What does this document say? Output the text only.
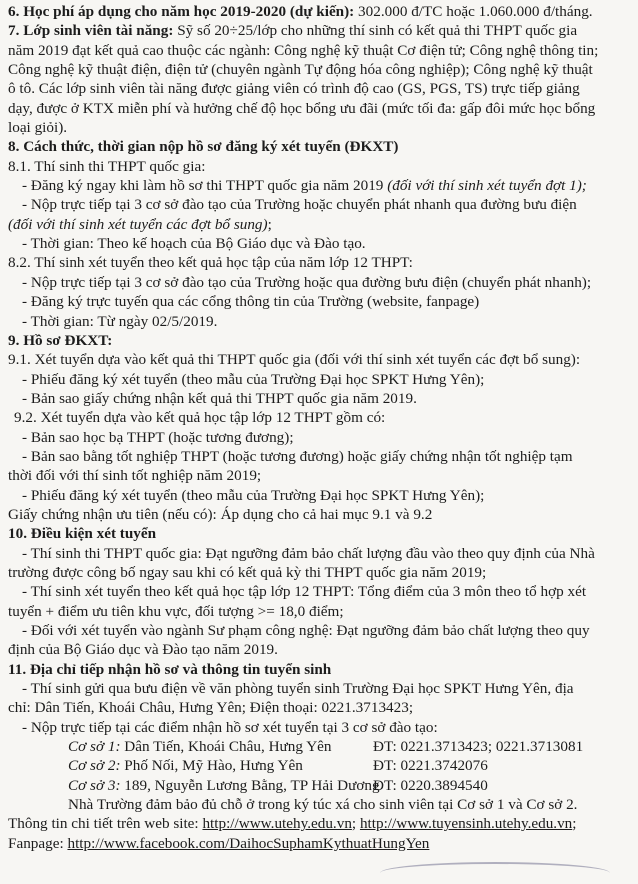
6. Học phí áp dụng cho năm học 2019-2020 (dự kiến): 302.000 đ/TC hoặc 1.060.000 đ/tháng.
7. Lớp sinh viên tài năng: Sỹ số 20÷25/lớp cho những thí sinh có kết quả thi THPT quốc gia
năm 2019 đạt kết quả cao thuộc các ngành: Công nghệ kỹ thuật Cơ điện tử; Công nghệ thông tin;
Công nghệ kỹ thuật điện, điện tử (chuyên ngành Tự động hóa công nghiệp); Công nghệ kỹ thuật
ô tô. Các lớp sinh viên tài năng được giảng viên có trình độ cao (GS, PGS, TS) trực tiếp giảng
dạy, được ở KTX miễn phí và hưởng chế độ học bổng ưu đãi (mức tối đa: gấp đôi mức học bổng
loại giỏi).
8. Cách thức, thời gian nộp hồ sơ đăng ký xét tuyển (ĐKXT)
8.1. Thí sinh thi THPT quốc gia:
- Đăng ký ngay khi làm hồ sơ thi THPT quốc gia năm 2019 (đối với thí sinh xét tuyển đợt 1);
- Nộp trực tiếp tại 3 cơ sở đào tạo của Trường hoặc chuyển phát nhanh qua đường bưu điện
(đối với thí sinh xét tuyển các đợt bổ sung);
- Thời gian: Theo kế hoạch của Bộ Giáo dục và Đào tạo.
8.2. Thí sinh xét tuyển theo kết quả học tập của năm lớp 12 THPT:
- Nộp trực tiếp tại 3 cơ sở đào tạo của Trường hoặc qua đường bưu điện (chuyển phát nhanh);
- Đăng ký trực tuyến qua các cổng thông tin của Trường (website, fanpage)
- Thời gian: Từ ngày 02/5/2019.
9. Hồ sơ ĐKXT:
9.1. Xét tuyển dựa vào kết quả thi THPT quốc gia (đối với thí sinh xét tuyển các đợt bổ sung):
- Phiếu đăng ký xét tuyển (theo mẫu của Trường Đại học SPKT Hưng Yên);
- Bản sao giấy chứng nhận kết quả thi THPT quốc gia năm 2019.
9.2. Xét tuyển dựa vào kết quả học tập lớp 12 THPT gồm có:
- Bản sao học bạ THPT (hoặc tương đương);
- Bản sao bằng tốt nghiệp THPT (hoặc tương đương) hoặc giấy chứng nhận tốt nghiệp tạm
thời đối với thí sinh tốt nghiệp năm 2019;
- Phiếu đăng ký xét tuyển (theo mẫu của Trường Đại học SPKT Hưng Yên);
Giấy chứng nhận ưu tiên (nếu có): Áp dụng cho cả hai mục 9.1 và 9.2
10. Điều kiện xét tuyển
- Thí sinh thi THPT quốc gia: Đạt ngưỡng đảm bảo chất lượng đầu vào theo quy định của Nhà
trường được công bố ngay sau khi có kết quả kỳ thi THPT quốc gia năm 2019;
- Thí sinh xét tuyển theo kết quả học tập lớp 12 THPT: Tổng điểm của 3 môn theo tổ hợp xét
tuyển + điểm ưu tiên khu vực, đối tượng >= 18,0 điểm;
- Đối với xét tuyển vào ngành Sư phạm công nghệ: Đạt ngưỡng đảm bảo chất lượng theo quy
định của Bộ Giáo dục và Đào tạo năm 2019.
11. Địa chỉ tiếp nhận hồ sơ và thông tin tuyển sinh
- Thí sinh gửi qua bưu điện về văn phòng tuyển sinh Trường Đại học SPKT Hưng Yên, địa
chỉ: Dân Tiến, Khoái Châu, Hưng Yên; Điện thoại: 0221.3713423;
- Nộp trực tiếp tại các điểm nhận hồ sơ xét tuyển tại 3 cơ sở đào tạo:
Cơ sở 1: Dân Tiến, Khoái Châu, Hưng Yên	ĐT: 0221.3713423; 0221.3713081
Cơ sở 2: Phố Nối, Mỹ Hào, Hưng Yên	ĐT: 0221.3742076
Cơ sở 3: 189, Nguyễn Lương Bằng, TP Hải DươngĐT: 0220.3894540
Nhà Trường đảm bảo đủ chỗ ở trong ký túc xá cho sinh viên tại Cơ sở 1 và Cơ sở 2.
Thông tin chi tiết trên web site: http://www.utehy.edu.vn; http://www.tuyensinh.utehy.edu.vn;
Fanpage: http://www.facebook.com/DaihocSuphamKythuatHungYen
